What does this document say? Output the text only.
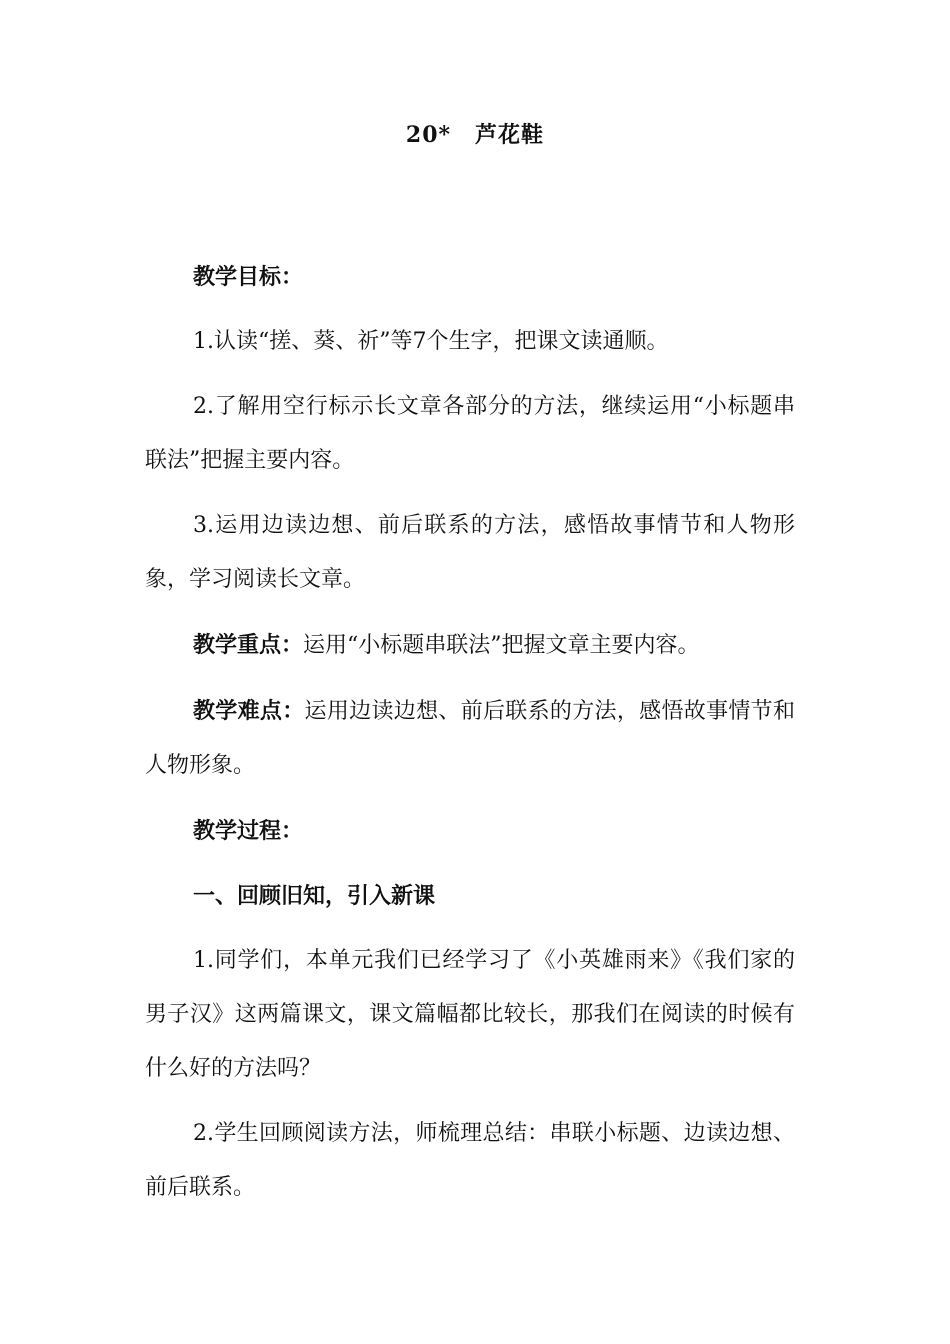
20* 芦花鞋

教学目标：

1.认读“搓、葵、祈”等7个生字，把课文读通顺。

2.了解用空行标示长文章各部分的方法，继续运用“小标题串联法”把握主要内容。

3.运用边读边想、前后联系的方法，感悟故事情节和人物形象，学习阅读长文章。

教学重点：运用“小标题串联法”把握文章主要内容。

教学难点：运用边读边想、前后联系的方法，感悟故事情节和人物形象。

教学过程：

一、回顾旧知，引入新课

1.同学们，本单元我们已经学习了《小英雄雨来》《我们家的男子汉》这两篇课文，课文篇幅都比较长，那我们在阅读的时候有什么好的方法吗？

2.学生回顾阅读方法，师梳理总结：串联小标题、边读边想、前后联系。
